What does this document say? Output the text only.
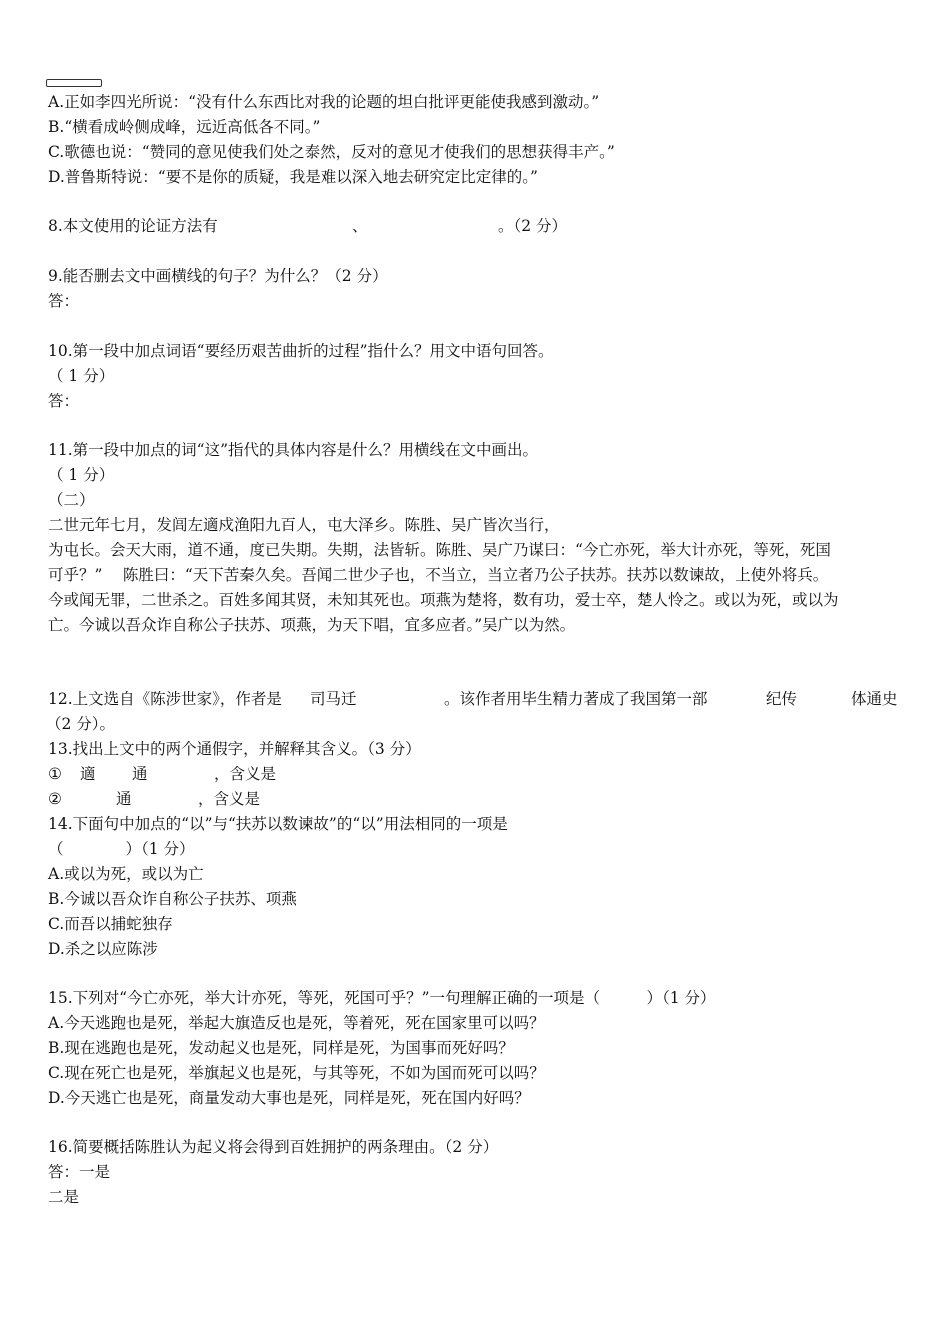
A.正如李四光所说：“没有什么东西比对我的论题的坦白批评更能使我感到激动。”
B.“横看成岭侧成峰，远近高低各不同。”
C.歌德也说：“赞同的意见使我们处之泰然，反对的意见才使我们的思想获得丰产。”
D.普鲁斯特说：“要不是你的质疑，我是难以深入地去研究定比定律的。”
8.本文使用的论证方法有	、	。（2 分）
9.能否删去文中画横线的句子？为什么？（2 分）
答：
10.第一段中加点词语“要经历艰苦曲折的过程”指什么？用文中语句回答。
（ 1 分）
答：
11.第一段中加点的词“这”指代的具体内容是什么？用横线在文中画出。
（ 1 分）
（二）
二世元年七月，发闾左適戍渔阳九百人，屯大泽乡。陈胜、吴广皆次当行，
为屯长。会天大雨，道不通，度已失期。失期，法皆斩。陈胜、吴广乃谋曰：“今亡亦死，举大计亦死，等死，死国
可乎？” 　陈胜曰：“天下苦秦久矣。吾闻二世少子也，不当立，当立者乃公子扶苏。扶苏以数谏故，上使外将兵。
今或闻无罪，二世杀之。百姓多闻其贤，未知其死也。项燕为楚将，数有功，爱士卒，楚人怜之。或以为死，或以为
亡。今诚以吾众诈自称公子扶苏、项燕，为天下唱，宜多应者。”吴广以为然。
12.上文选自《陈涉世家》，作者是 司马迁	。该作者用毕生精力著成了我国第一部	纪传	体通史
（2 分）。
13.找出上文中的两个通假字，并解释其含义。（3 分）
① 適 通	，含义是
②	通	，含义是
14.下面句中加点的“以”与“扶苏以数谏故”的“以”用法相同的一项是
（　　　　）（1 分）
A.或以为死，或以为亡
B.今诚以吾众诈自称公子扶苏、项燕
C.而吾以捕蛇独存
D.杀之以应陈涉
15.下列对“今亡亦死，举大计亦死，等死，死国可乎？”一句理解正确的一项是（　　　）（1 分）
A.今天逃跑也是死，举起大旗造反也是死，等着死，死在国家里可以吗？
B.现在逃跑也是死，发动起义也是死，同样是死，为国事而死好吗？
C.现在死亡也是死，举旗起义也是死，与其等死，不如为国而死可以吗？
D.今天逃亡也是死，商量发动大事也是死，同样是死，死在国内好吗？
16.简要概括陈胜认为起义将会得到百姓拥护的两条理由。（2 分）
答：一是
二是
